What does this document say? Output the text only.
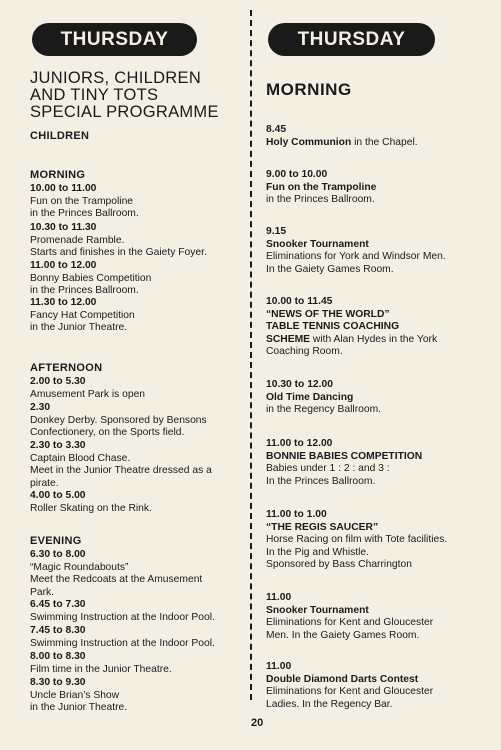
THURSDAY
JUNIORS, CHILDREN
AND TINY TOTS
SPECIAL PROGRAMME
CHILDREN
MORNING
10.00 to 11.00
Fun on the Trampoline
in the Princes Ballroom.
10.30 to 11.30
Promenade Ramble.
Starts and finishes in the Gaiety Foyer.
11.00 to 12.00
Bonny Babies Competition
in the Princes Ballroom.
11.30 to 12.00
Fancy Hat Competition
in the Junior Theatre.
AFTERNOON
2.00 to 5.30
Amusement Park is open
2.30
Donkey Derby. Sponsored by Bensons
Confectionery, on the Sports field.
2.30 to 3.30
Captain Blood Chase.
Meet in the Junior Theatre dressed as a
pirate.
4.00 to 5.00
Roller Skating on the Rink.
EVENING
6.30 to 8.00
“Magic Roundabouts”
Meet the Redcoats at the Amusement
Park.
6.45 to 7.30
Swimming Instruction at the Indoor Pool.
7.45 to 8.30
Swimming Instruction at the Indoor Pool.
8.00 to 8.30
Film time in the Junior Theatre.
8.30 to 9.30
Uncle Brian’s Show
in the Junior Theatre.
THURSDAY
MORNING
8.45
Holy Communion in the Chapel.
9.00 to 10.00
Fun on the Trampoline
in the Princes Ballroom.
9.15
Snooker Tournament
Eliminations for York and Windsor Men.
In the Gaiety Games Room.
10.00 to 11.45
“NEWS OF THE WORLD”
TABLE TENNIS COACHING
SCHEME with Alan Hydes in the York
Coaching Room.
10.30 to 12.00
Old Time Dancing
in the Regency Ballroom.
11.00 to 12.00
BONNIE BABIES COMPETITION
Babies under 1 : 2 : and 3 :
In the Princes Ballroom.
11.00 to 1.00
“THE REGIS SAUCER”
Horse Racing on film with Tote facilities.
In the Pig and Whistle.
Sponsored by Bass Charrington
11.00
Snooker Tournament
Eliminations for Kent and Gloucester
Men. In the Gaiety Games Room.
11.00
Double Diamond Darts Contest
Eliminations for Kent and Gloucester
Ladies. In the Regency Bar.
20
